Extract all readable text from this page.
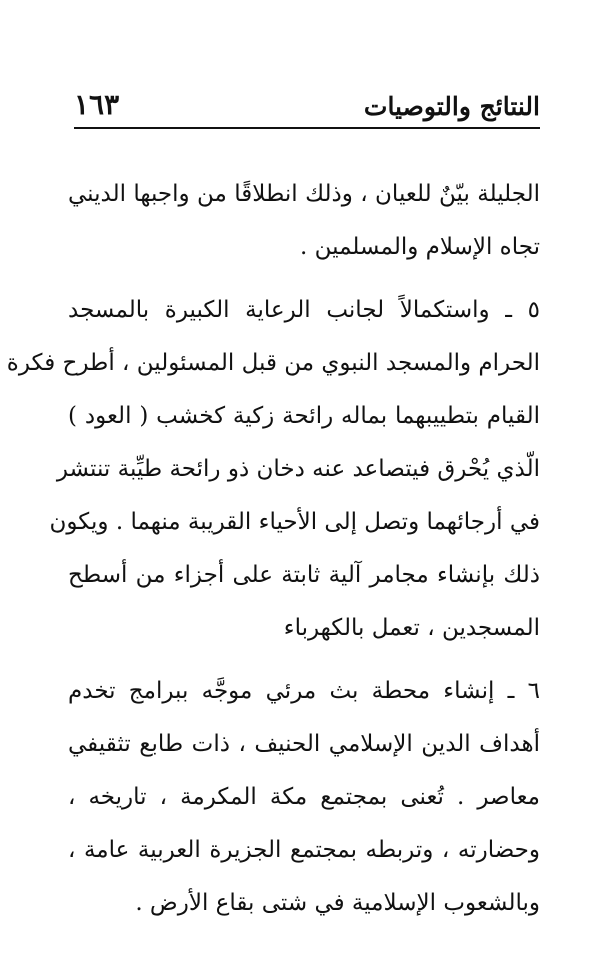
النتائج والتوصيات
١٦٣
الجليلة بيّنٌ للعيان ، وذلك انطلاقًا من واجبها الديني
تجاه الإسلام والمسلمين .
٥ ـ واستكمالاً لجانب الرعاية الكبيرة بالمسجد
الحرام والمسجد النبوي من قبل المسئولين ، أطرح فكرة
القيام بتطييبهما بماله رائحة زكية كخشب ( العود )
الّذي يُحْرق فيتصاعد عنه دخان ذو رائحة طيِّبة تنتشر
في أرجائهما وتصل إلى الأحياء القريبة منهما . ويكون
ذلك بإنشاء مجامر آلية ثابتة على أجزاء من أسطح
المسجدين ، تعمل بالكهرباء
٦ ـ إنشاء محطة بث مرئي موجَّه ببرامج تخدم
أهداف الدين الإسلامي الحنيف ، ذات طابع تثقيفي
معاصر . تُعنى بمجتمع مكة المكرمة ، تاريخه ،
وحضارته ، وتربطه بمجتمع الجزيرة العربية عامة ،
وبالشعوب الإسلامية في شتى بقاع الأرض .
